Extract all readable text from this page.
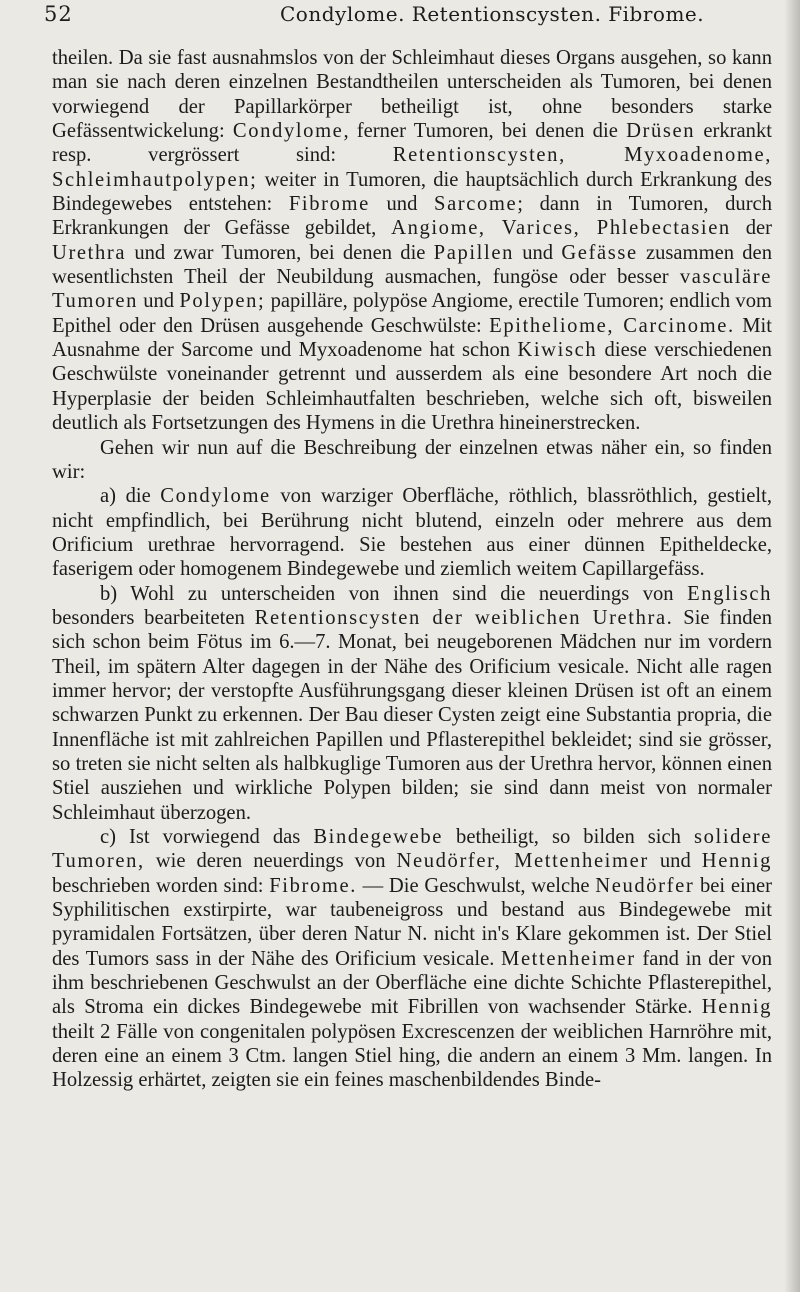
52	Condylome. Retentionscysten. Fibrome.

theilen. Da sie fast ausnahmslos von der Schleimhaut dieses Organs ausgehen, so kann man sie nach deren einzelnen Bestandtheilen unterscheiden als Tumoren, bei denen vorwiegend der Papillarkörper betheiligt ist, ohne besonders starke Gefässentwickelung: Condylome, ferner Tumoren, bei denen die Drüsen erkrankt resp. vergrössert sind: Retentionscysten, Myxoadenome, Schleimhautpolypen; weiter in Tumoren, die hauptsächlich durch Erkrankung des Bindegewebes entstehen: Fibrome und Sarcome; dann in Tumoren, durch Erkrankungen der Gefässe gebildet, Angiome, Varices, Phlebectasien der Urethra und zwar Tumoren, bei denen die Papillen und Gefässe zusammen den wesentlichsten Theil der Neubildung ausmachen, fungöse oder besser vasculäre Tumoren und Polypen; papilläre, polypöse Angiome, erectile Tumoren; endlich vom Epithel oder den Drüsen ausgehende Geschwülste: Epitheliome, Carcinome. Mit Ausnahme der Sarcome und Myxoadenome hat schon Kiwisch diese verschiedenen Geschwülste voneinander getrennt und ausserdem als eine besondere Art noch die Hyperplasie der beiden Schleimhautfalten beschrieben, welche sich oft, bisweilen deutlich als Fortsetzungen des Hymens in die Urethra hineinerstrecken.

Gehen wir nun auf die Beschreibung der einzelnen etwas näher ein, so finden wir:

a) die Condylome von warziger Oberfläche, röthlich, blassröthlich, gestielt, nicht empfindlich, bei Berührung nicht blutend, einzeln oder mehrere aus dem Orificium urethrae hervorragend. Sie bestehen aus einer dünnen Epitheldecke, faserigem oder homogenem Bindegewebe und ziemlich weitem Capillargefäss.

b) Wohl zu unterscheiden von ihnen sind die neuerdings von Englisch besonders bearbeiteten Retentionscysten der weiblichen Urethra. Sie finden sich schon beim Fötus im 6.—7. Monat, bei neugeborenen Mädchen nur im vordern Theil, im spätern Alter dagegen in der Nähe des Orificium vesicale. Nicht alle ragen immer hervor; der verstopfte Ausführungsgang dieser kleinen Drüsen ist oft an einem schwarzen Punkt zu erkennen. Der Bau dieser Cysten zeigt eine Substantia propria, die Innenfläche ist mit zahlreichen Papillen und Pflasterepithel bekleidet; sind sie grösser, so treten sie nicht selten als halbkuglige Tumoren aus der Urethra hervor, können einen Stiel ausziehen und wirkliche Polypen bilden; sie sind dann meist von normaler Schleimhaut überzogen.

c) Ist vorwiegend das Bindegewebe betheiligt, so bilden sich solidere Tumoren, wie deren neuerdings von Neudörfer, Mettenheimer und Hennig beschrieben worden sind: Fibrome. — Die Geschwulst, welche Neudörfer bei einer Syphilitischen exstirpirte, war taubeneigross und bestand aus Bindegewebe mit pyramidalen Fortsätzen, über deren Natur N. nicht in's Klare gekommen ist. Der Stiel des Tumors sass in der Nähe des Orificium vesicale. Mettenheimer fand in der von ihm beschriebenen Geschwulst an der Oberfläche eine dichte Schichte Pflasterepithel, als Stroma ein dickes Bindegewebe mit Fibrillen von wachsender Stärke. Hennig theilt 2 Fälle von congenitalen polypösen Excrescenzen der weiblichen Harnröhre mit, deren eine an einem 3 Ctm. langen Stiel hing, die andern an einem 3 Mm. langen. In Holzessig erhärtet, zeigten sie ein feines maschenbildendes Binde-
